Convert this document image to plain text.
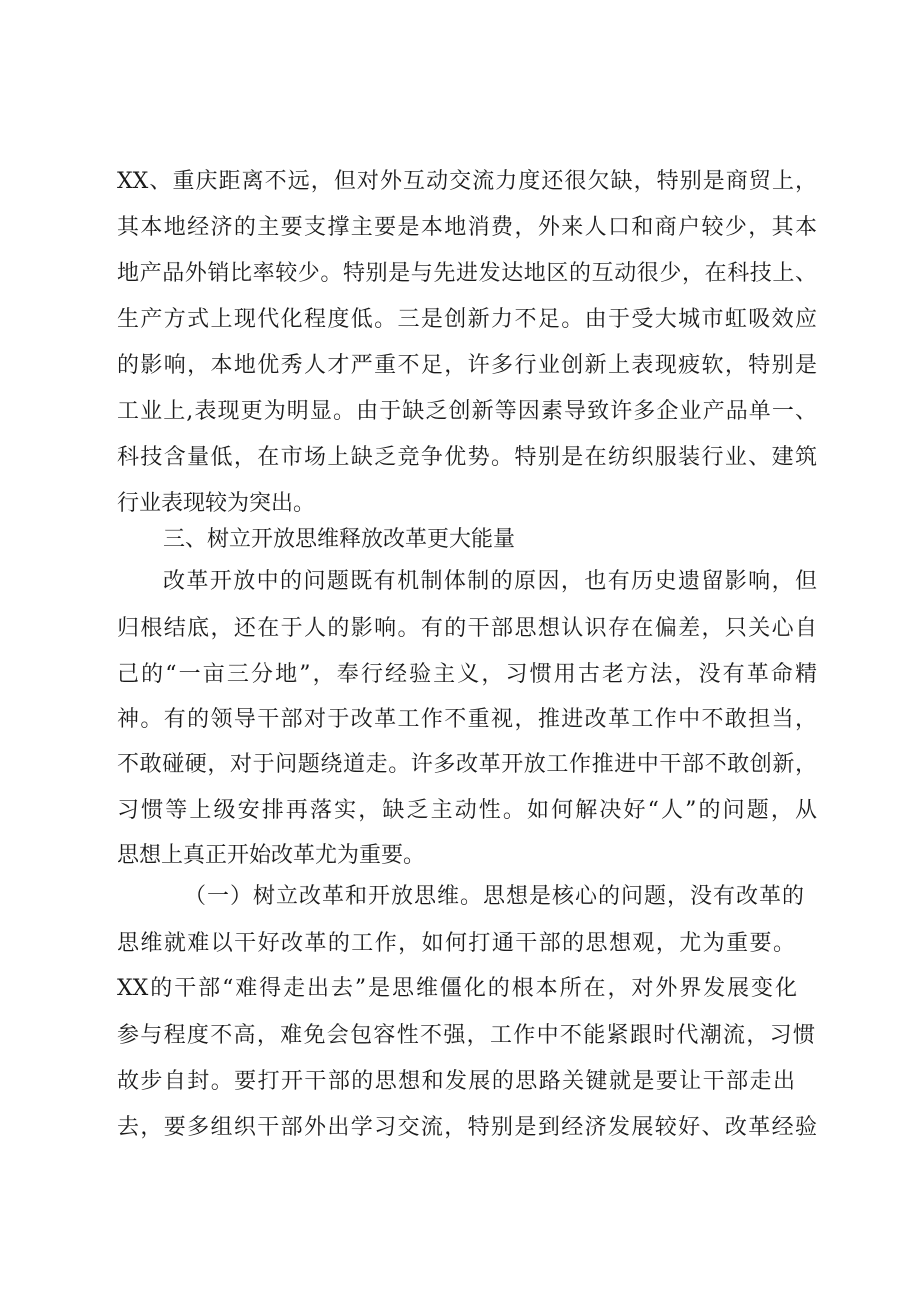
XX、重庆距离不远，但对外互动交流力度还很欠缺，特别是商贸上，
其本地经济的主要支撑主要是本地消费，外来人口和商户较少，其本
地产品外销比率较少。特别是与先进发达地区的互动很少，在科技上、
生产方式上现代化程度低。三是创新力不足。由于受大城市虹吸效应
的影响，本地优秀人才严重不足，许多行业创新上表现疲软，特别是
工业上,表现更为明显。由于缺乏创新等因素导致许多企业产品单一、
科技含量低，在市场上缺乏竞争优势。特别是在纺织服装行业、建筑
行业表现较为突出。
三、树立开放思维释放改革更大能量
改革开放中的问题既有机制体制的原因，也有历史遗留影响，但
归根结底，还在于人的影响。有的干部思想认识存在偏差，只关心自
己的“一亩三分地”，奉行经验主义，习惯用古老方法，没有革命精
神。有的领导干部对于改革工作不重视，推进改革工作中不敢担当，
不敢碰硬，对于问题绕道走。许多改革开放工作推进中干部不敢创新，
习惯等上级安排再落实，缺乏主动性。如何解决好“人”的问题，从
思想上真正开始改革尤为重要。
（一）树立改革和开放思维。思想是核心的问题，没有改革的
思维就难以干好改革的工作，如何打通干部的思想观，尤为重要。
XX的干部“难得走出去”是思维僵化的根本所在，对外界发展变化
参与程度不高，难免会包容性不强，工作中不能紧跟时代潮流，习惯
故步自封。要打开干部的思想和发展的思路关键就是要让干部走出
去，要多组织干部外出学习交流，特别是到经济发展较好、改革经验
